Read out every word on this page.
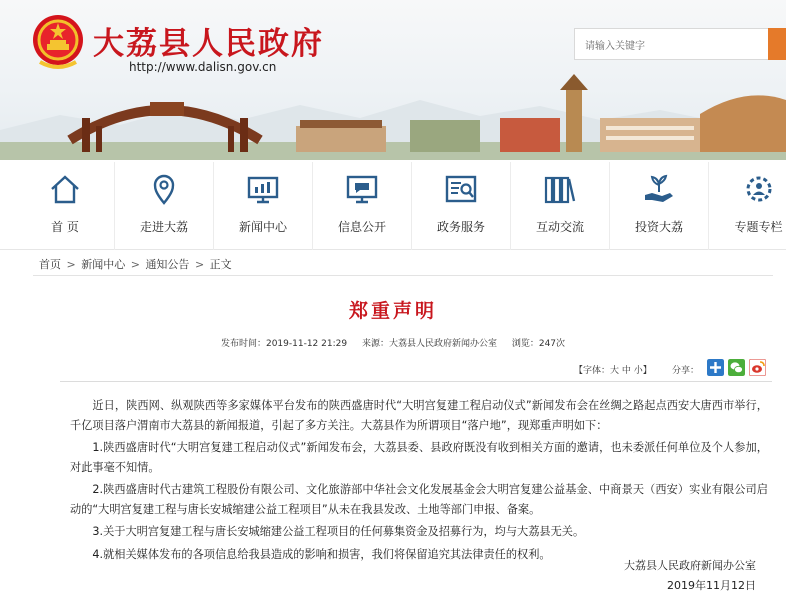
大荔县人民政府
http://www.dalisn.gov.cn
请输入关键字
首 页	走进大荔	新闻中心	信息公开	政务服务	互动交流	投资大荔	专题专栏
首页 > 新闻中心 > 通知公告 > 正文
郑重声明
发布时间：2019-11-12 21:29 来源：大荔县人民政府新闻办公室 浏览：247次
【字体：大 中 小】 分享：

近日，陕西网、纵观陕西等多家媒体平台发布的陕西盛唐时代“大明宫复建工程启动仪式”新闻发布会在丝绸之路起点西安大唐西市举行，千亿项目落户渭南市大荔县的新闻报道，引起了多方关注。大荔县作为所谓项目“落户地”，现郑重声明如下：

1.陕西盛唐时代“大明宫复建工程启动仪式”新闻发布会，大荔县委、县政府既没有收到相关方面的邀请，也未委派任何单位及个人参加，对此事毫不知情。

2.陕西盛唐时代古建筑工程股份有限公司、文化旅游部中华社会文化发展基金会大明宫复建公益基金、中商景天（西安）实业有限公司启动的“大明宫复建工程与唐长安城缩建公益工程项目”从未在我县发改、土地等部门申报、备案。

3.关于大明宫复建工程与唐长安城缩建公益工程项目的任何募集资金及招募行为，均与大荔县无关。

4.就相关媒体发布的各项信息给我县造成的影响和损害，我们将保留追究其法律责任的权利。

大荔县人民政府新闻办公室
2019年11月12日
